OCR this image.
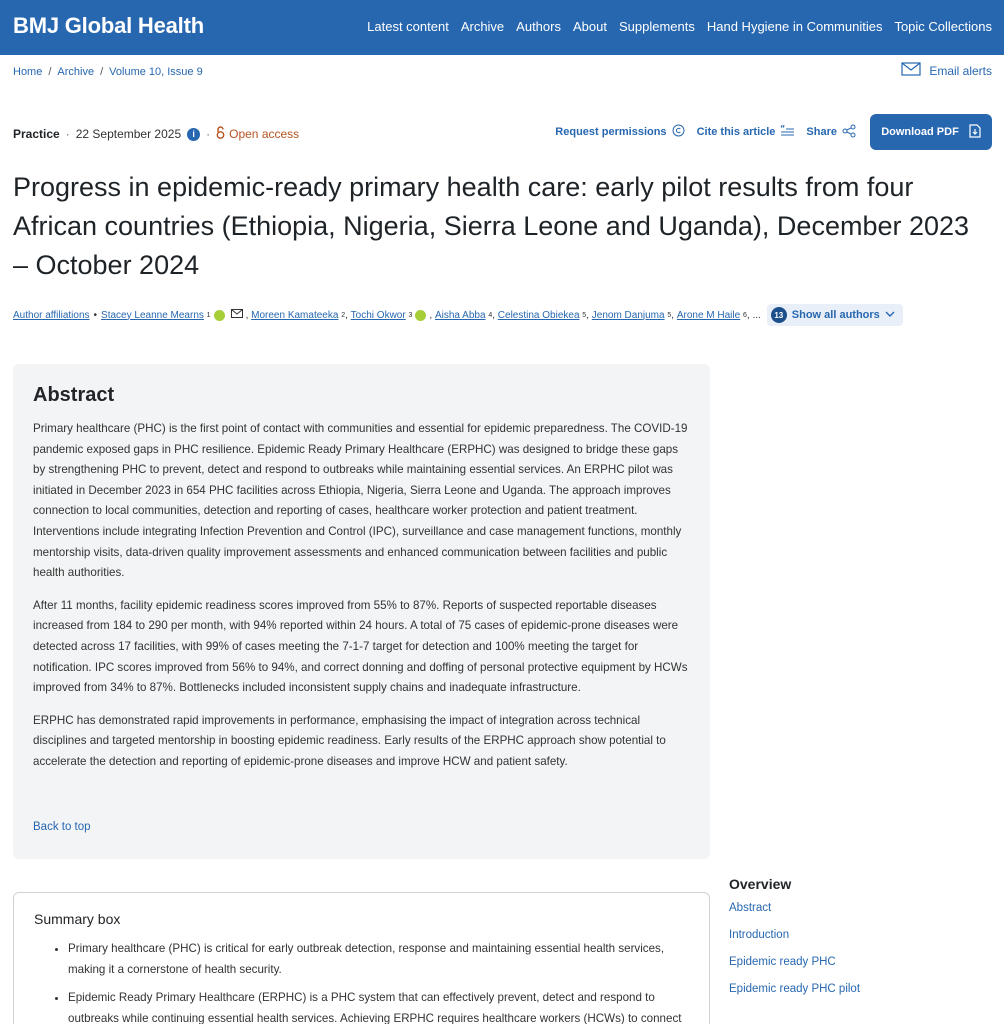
BMJ Global Health	Latest content Archive Authors About Supplements Hand Hygiene in Communities Topic Collections
Home / Archive / Volume 10, Issue 9	Email alerts
Practice · 22 September 2025	i · Open access	Request permissions	Cite this article “ Share	Download PDF
Progress in epidemic-ready primary health care: early pilot results from four African countries (Ethiopia, Nigeria, Sierra Leone and Uganda), December 2023 – October 2024
Author affiliations • Stacey Leanne Mearns
1	, Moreen Kamateeka
2 , Tochi Okwor
3 , Aisha Abba
4 , Celestina Obiekea
5 , Jenom Danjuma
5 , Arone M Haile
6 , ...	13 Show all authors
Abstract

Primary healthcare (PHC) is the first point of contact with communities and essential for epidemic preparedness. The COVID-19 pandemic exposed gaps in PHC resilience. Epidemic Ready Primary Healthcare (ERPHC) was designed to bridge these gaps by strengthening PHC to prevent, detect and respond to outbreaks while maintaining essential services. An ERPHC pilot was initiated in December 2023 in 654 PHC facilities across Ethiopia, Nigeria, Sierra Leone and Uganda. The approach improves connection to local communities, detection and reporting of cases, healthcare worker protection and patient treatment. Interventions include integrating Infection Prevention and Control (IPC), surveillance and case management functions, monthly mentorship visits, data-driven quality improvement assessments and enhanced communication between facilities and public health authorities.

After 11 months, facility epidemic readiness scores improved from 55% to 87%. Reports of suspected reportable diseases increased from 184 to 290 per month, with 94% reported within 24 hours. A total of 75 cases of epidemic-prone diseases were detected across 17 facilities, with 99% of cases meeting the 7-1-7 target for detection and 100% meeting the target for notification. IPC scores improved from 56% to 94%, and correct donning and doffing of personal protective equipment by HCWs improved from 34% to 87%. Bottlenecks included inconsistent supply chains and inadequate infrastructure.

ERPHC has demonstrated rapid improvements in performance, emphasising the impact of integration across technical disciplines and targeted mentorship in boosting epidemic readiness. Early results of the ERPHC approach show potential to accelerate the detection and reporting of epidemic-prone diseases and improve HCW and patient safety.

Back to top
Summary box
• Primary healthcare (PHC) is critical for early outbreak detection, response and maintaining essential health services, making it a cornerstone of health security.
• Epidemic Ready Primary Healthcare (ERPHC) is a PHC system that can effectively prevent, detect and respond to outbreaks while continuing essential health services. Achieving ERPHC requires healthcare workers (HCWs) to connect
Overview
Abstract
Introduction
Epidemic ready PHC
Epidemic ready PHC pilot
